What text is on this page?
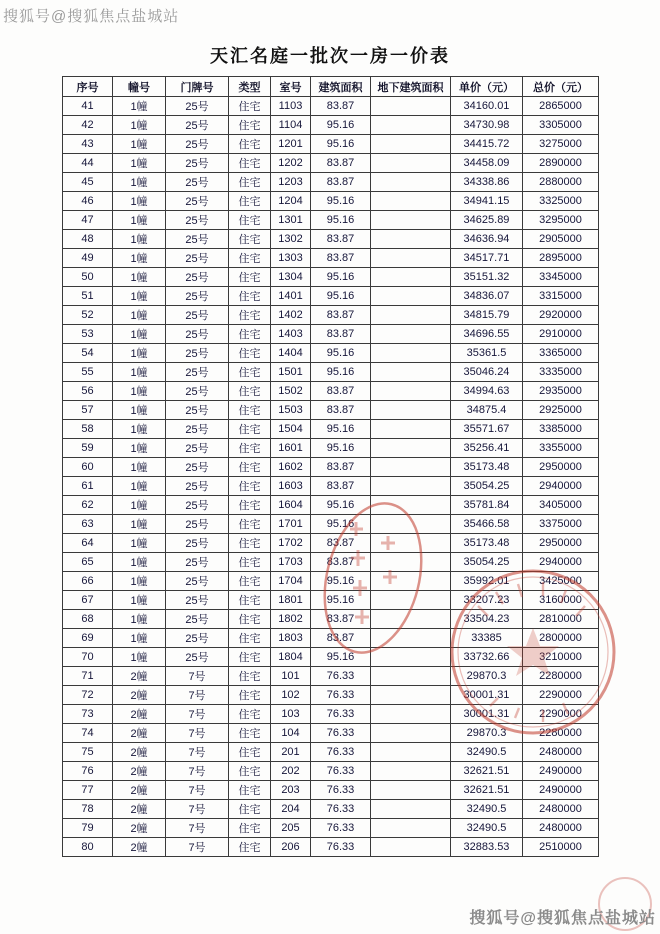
搜狐号@搜狐焦点盐城站
天汇名庭一批次一房一价表
序号	幢号	门牌号	类型	室号	建筑面积	地下建筑面积	单价（元）	总价（元）
41	1幢	25号	住宅	1103	83.87		34160.01	2865000
42	1幢	25号	住宅	1104	95.16		34730.98	3305000
43	1幢	25号	住宅	1201	95.16		34415.72	3275000
44	1幢	25号	住宅	1202	83.87		34458.09	2890000
45	1幢	25号	住宅	1203	83.87		34338.86	2880000
46	1幢	25号	住宅	1204	95.16		34941.15	3325000
47	1幢	25号	住宅	1301	95.16		34625.89	3295000
48	1幢	25号	住宅	1302	83.87		34636.94	2905000
49	1幢	25号	住宅	1303	83.87		34517.71	2895000
50	1幢	25号	住宅	1304	95.16		35151.32	3345000
51	1幢	25号	住宅	1401	95.16		34836.07	3315000
52	1幢	25号	住宅	1402	83.87		34815.79	2920000
53	1幢	25号	住宅	1403	83.87		34696.55	2910000
54	1幢	25号	住宅	1404	95.16		35361.5	3365000
55	1幢	25号	住宅	1501	95.16		35046.24	3335000
56	1幢	25号	住宅	1502	83.87		34994.63	2935000
57	1幢	25号	住宅	1503	83.87		34875.4	2925000
58	1幢	25号	住宅	1504	95.16		35571.67	3385000
59	1幢	25号	住宅	1601	95.16		35256.41	3355000
60	1幢	25号	住宅	1602	83.87		35173.48	2950000
61	1幢	25号	住宅	1603	83.87		35054.25	2940000
62	1幢	25号	住宅	1604	95.16		35781.84	3405000
63	1幢	25号	住宅	1701	95.16		35466.58	3375000
64	1幢	25号	住宅	1702	83.87		35173.48	2950000
65	1幢	25号	住宅	1703	83.87		35054.25	2940000
66	1幢	25号	住宅	1704	95.16		35992.01	3425000
67	1幢	25号	住宅	1801	95.16		33207.23	3160000
68	1幢	25号	住宅	1802	83.87		33504.23	2810000
69	1幢	25号	住宅	1803	83.87		33385	2800000
70	1幢	25号	住宅	1804	95.16		33732.66	3210000
71	2幢	7号	住宅	101	76.33		29870.3	2280000
72	2幢	7号	住宅	102	76.33		30001.31	2290000
73	2幢	7号	住宅	103	76.33		30001.31	2290000
74	2幢	7号	住宅	104	76.33		29870.3	2280000
75	2幢	7号	住宅	201	76.33		32490.5	2480000
76	2幢	7号	住宅	202	76.33		32621.51	2490000
77	2幢	7号	住宅	203	76.33		32621.51	2490000
78	2幢	7号	住宅	204	76.33		32490.5	2480000
79	2幢	7号	住宅	205	76.33		32490.5	2480000
80	2幢	7号	住宅	206	76.33		32883.53	2510000
搜狐号@搜狐焦点盐城站
